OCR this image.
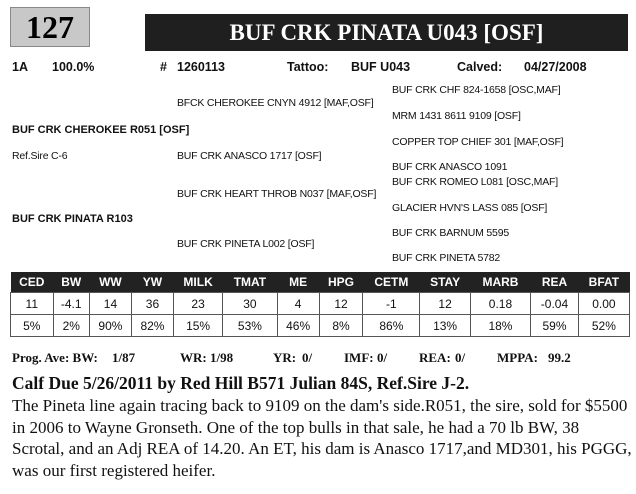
127	BUF CRK PINATA U043 [OSF]
1A 100.0%	# 1260113	Tattoo: BUF U043	Calved: 04/27/2008
BUF CRK CHF 824-1658 [OSC,MAF]
BFCK CHEROKEE CNYN 4912 [MAF,OSF]
MRM 1431 8611 9109 [OSF]
BUF CRK CHEROKEE R051 [OSF]
COPPER TOP CHIEF 301 [MAF,OSF]
Ref.Sire C-6	BUF CRK ANASCO 1717 [OSF]
BUF CRK ANASCO 1091
BUF CRK ROMEO L081 [OSC,MAF]
BUF CRK HEART THROB N037 [MAF,OSF]
GLACIER HVN'S LASS 085 [OSF]
BUF CRK PINATA R103
BUF CRK BARNUM 5595
BUF CRK PINETA L002 [OSF]
BUF CRK PINETA 5782
CED	BW	WW	YW	MILK	TMAT	ME	HPG	CETM	STAY	MARB	REA	BFAT
11	-4.1	14	36	23	30	4	12	-1	12	0.18	-0.04	0.00
5%	2%	90%	82%	15%	53%	46%	8%	86%	13%	18%	59%	52%
Prog. Ave: BW: 1/87	WR: 1/98	YR: 0/ IMF: 0/ REA: 0/ MPPA: 99.2
Calf Due 5/26/2011 by Red Hill B571 Julian 84S, Ref.Sire J-2.
The Pineta line again tracing back to 9109 on the dam's side.R051, the sire, sold for $5500 in 2006 to Wayne Gronseth. One of the top bulls in that sale, he had a 70 lb BW, 38 Scrotal, and an Adj REA of 14.20. An ET, his dam is Anasco 1717,and MD301, his PGGG, was our first registered heifer.
